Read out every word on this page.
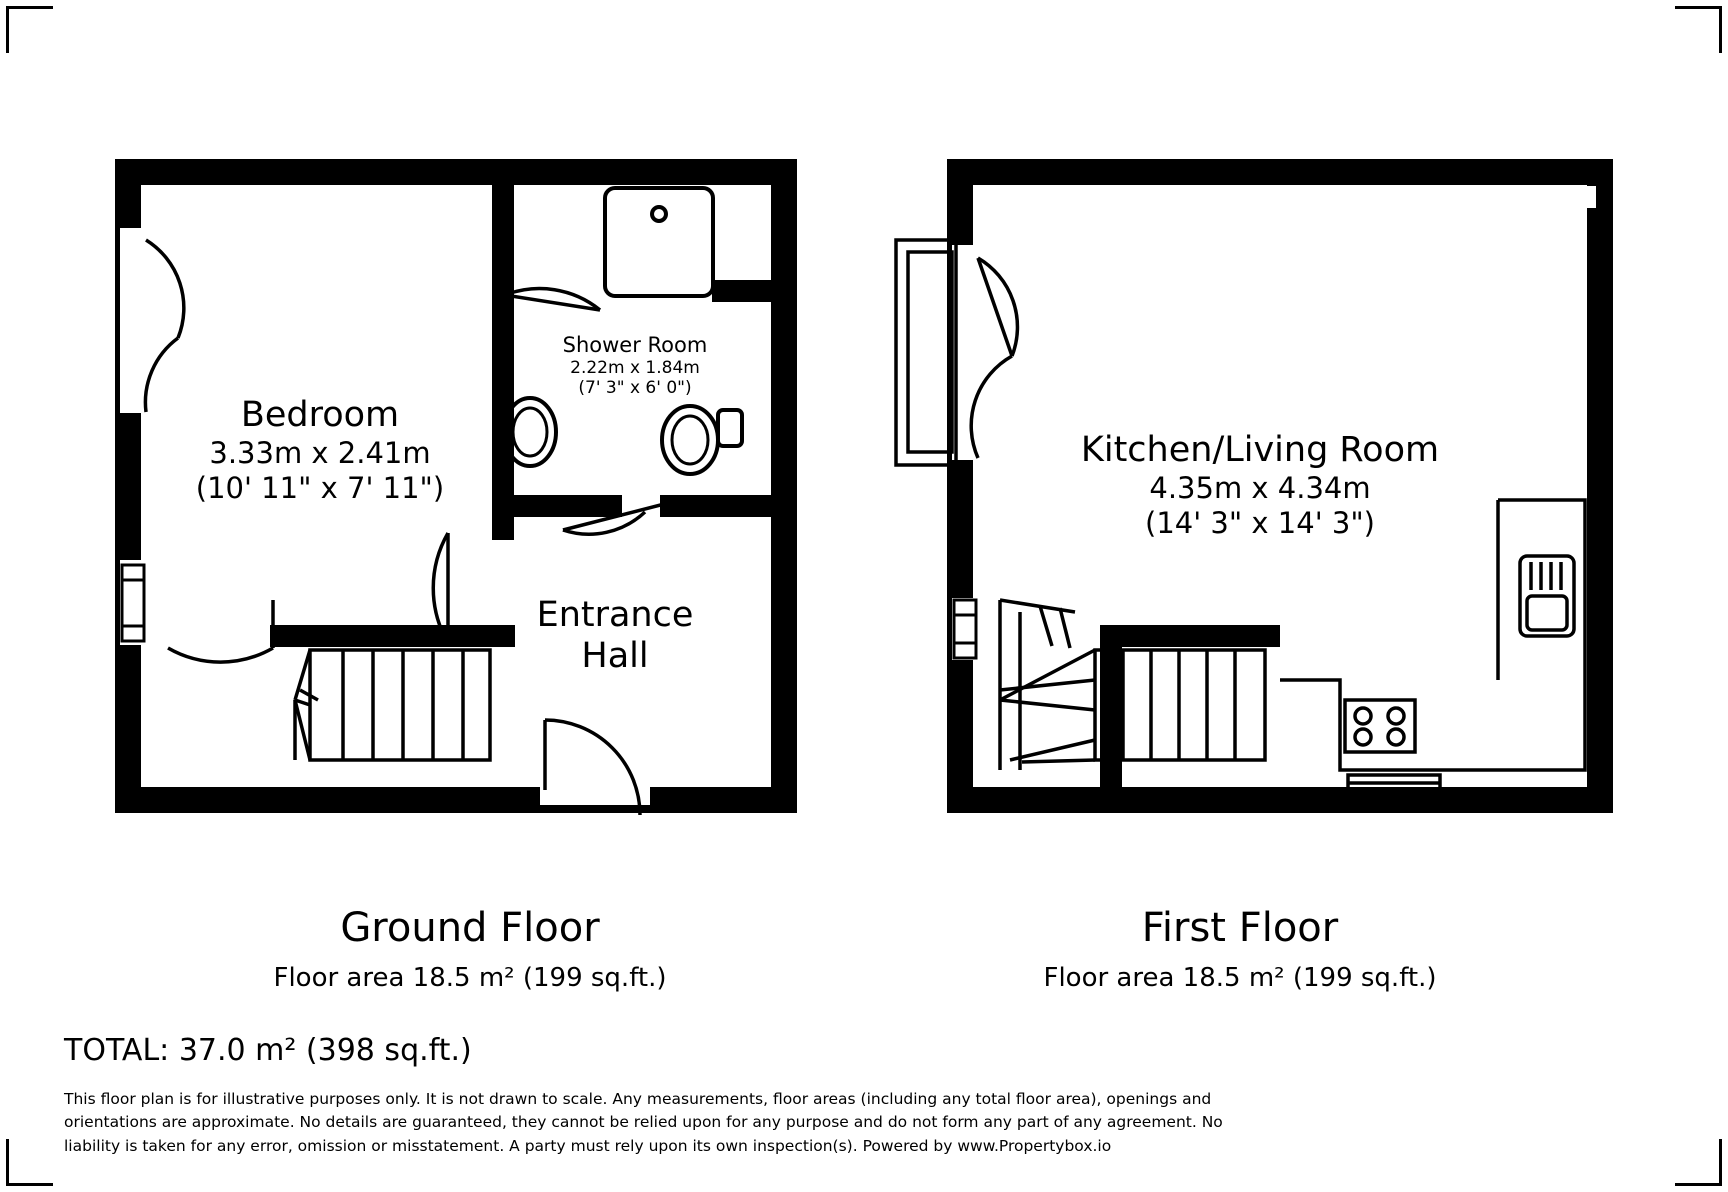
Bedroom
3.33m x 2.41m
(10' 11" x 7' 11")
Shower Room
2.22m x 1.84m
(7' 3" x 6' 0")
Entrance
Hall
Kitchen/Living Room
4.35m x 4.34m
(14' 3" x 14' 3")
Ground Floor
Floor area 18.5 m² (199 sq.ft.)
First Floor
Floor area 18.5 m² (199 sq.ft.)
TOTAL: 37.0 m² (398 sq.ft.)
This floor plan is for illustrative purposes only. It is not drawn to scale. Any measurements, floor areas (including any total floor area), openings and orientations are approximate. No details are guaranteed, they cannot be relied upon for any purpose and do not form any part of any agreement. No liability is taken for any error, omission or misstatement. A party must rely upon its own inspection(s). Powered by www.Propertybox.io
